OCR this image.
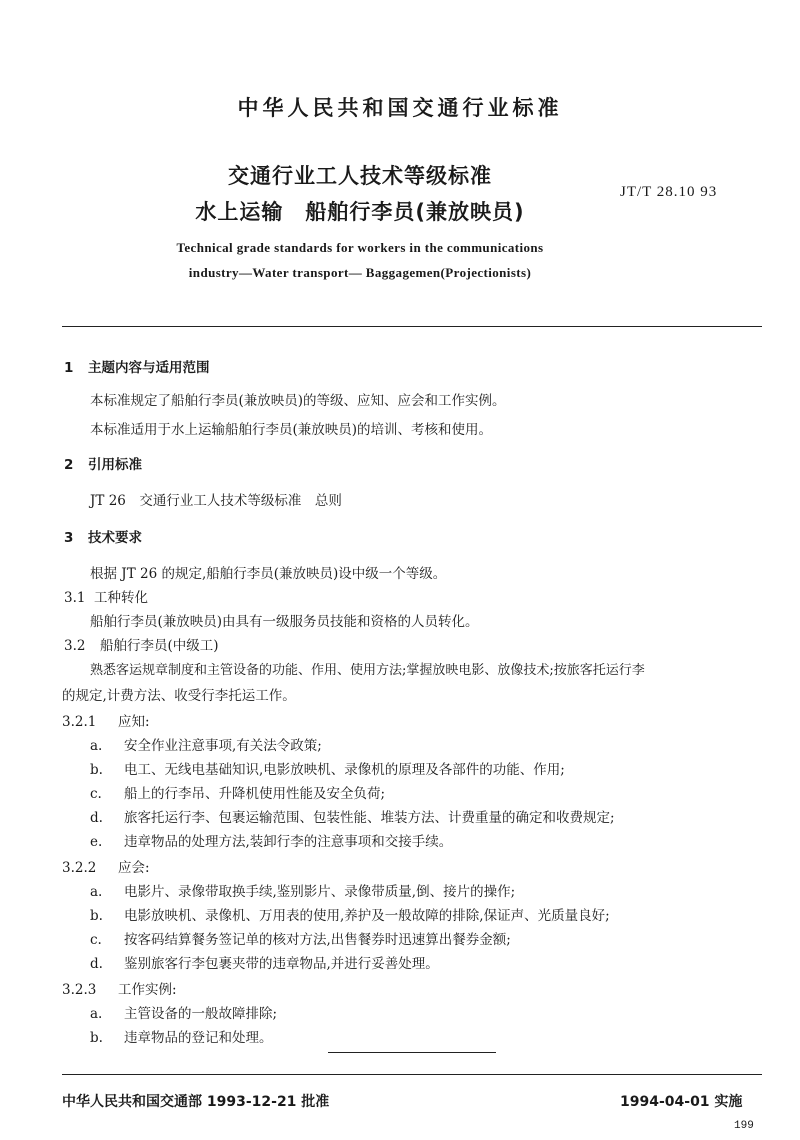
中华人民共和国交通行业标准
交通行业工人技术等级标准
水上运输　船舶行李员(兼放映员)
JT/T 28.10 93
Technical grade standards for workers in the communications
industry—Water transport— Baggagemen(Projectionists)
1 主题内容与适用范围
本标准规定了船舶行李员(兼放映员)的等级、应知、应会和工作实例。
本标准适用于水上运输船舶行李员(兼放映员)的培训、考核和使用。
2 引用标准
JT 26　交通行业工人技术等级标准　总则
3 技术要求
根据 JT 26 的规定,船舶行李员(兼放映员)设中级一个等级。
3.1 工种转化
船舶行李员(兼放映员)由具有一级服务员技能和资格的人员转化。
3.2 船舶行李员(中级工)
熟悉客运规章制度和主管设备的功能、作用、使用方法;掌握放映电影、放像技术;按旅客托运行李
的规定,计费方法、收受行李托运工作。
3.2.1 应知:
a. 安全作业注意事项,有关法令政策;
b. 电工、无线电基础知识,电影放映机、录像机的原理及各部件的功能、作用;
c. 船上的行李吊、升降机使用性能及安全负荷;
d. 旅客托运行李、包裹运输范围、包装性能、堆装方法、计费重量的确定和收费规定;
e. 违章物品的处理方法,装卸行李的注意事项和交接手续。
3.2.2 应会:
a. 电影片、录像带取换手续,鉴别影片、录像带质量,倒、接片的操作;
b. 电影放映机、录像机、万用表的使用,养护及一般故障的排除,保证声、光质量良好;
c. 按客码结算餐务签记单的核对方法,出售餐券时迅速算出餐券金额;
d. 鉴别旅客行李包裹夹带的违章物品,并进行妥善处理。
3.2.3 工作实例:
a. 主管设备的一般故障排除;
b. 违章物品的登记和处理。
中华人民共和国交通部 1993-12-21 批准	1994-04-01 实施
199
